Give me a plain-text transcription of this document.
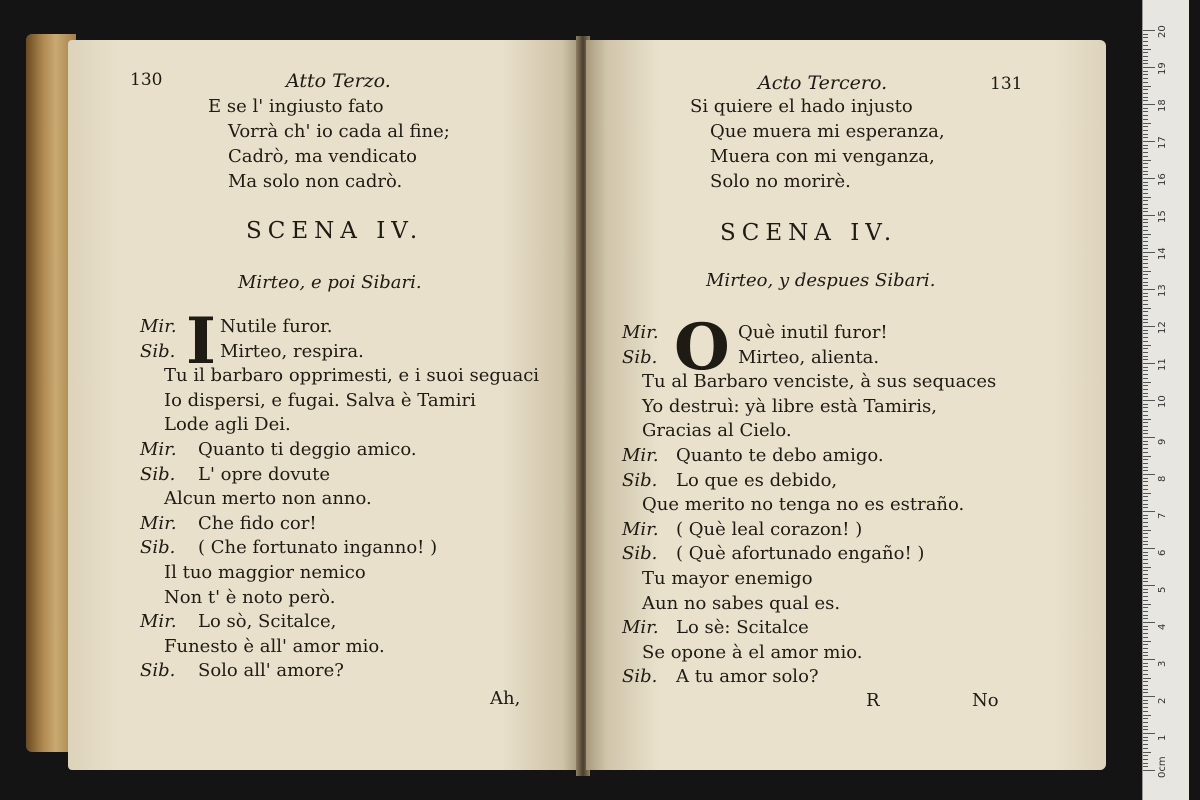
130	Atto Terzo.
E se l' ingiusto fato
Vorrà ch' io cada al fine;
Cadrò, ma vendicato
Ma solo non cadrò.
SCENA IV.
Mirteo, e poi Sibari.
I
Mir. Nutile furor.
Sib. Mirteo, respira.
Tu il barbaro opprimesti, e i suoi seguaci
Io dispersi, e fugai. Salva è Tamiri
Lode agli Dei.
Mir. Quanto ti deggio amico.
Sib. L' opre dovute
Alcun merto non anno.
Mir. Che fido cor!
Sib. ( Che fortunato inganno! )
Il tuo maggior nemico
Non t' è noto però.
Mir. Lo sò, Scitalce,
Funesto è all' amor mio.
Sib. Solo all' amore?
Ah,
Acto Tercero.	131
Si quiere el hado injusto
Que muera mi esperanza,
Muera con mi venganza,
Solo no morirè.
SCENA IV.
Mirteo, y despues Sibari.
O
Mir.	Què inutil furor!
Sib.	Mirteo, alienta.
Tu al Barbaro venciste, à sus sequaces
Yo destruì: yà libre està Tamiris,
Gracias al Cielo.
Mir. Quanto te debo amigo.
Sib. Lo que es debido,
Que merito no tenga no es estraño.
Mir. ( Què leal corazon! )
Sib. ( Què afortunado engaño! )
Tu mayor enemigo
Aun no sabes qual es.
Mir. Lo sè: Scitalce
Se opone à el amor mio.
Sib. A tu amor solo?
R	No
20
19
18
17
16
15
14
13
12
11
10
9
8
7
6
5
4
3
2
1
0cm
